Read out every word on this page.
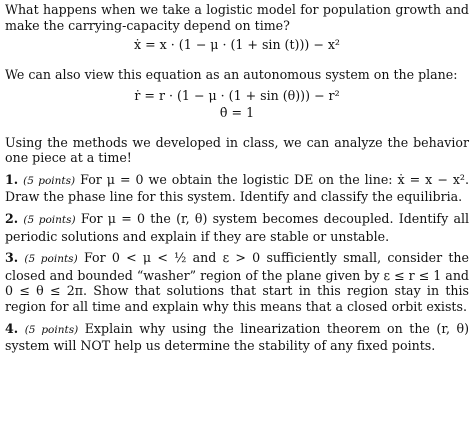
What happens when we take a logistic model for population growth and make the carrying-capacity depend on time?

ẋ = x · (1 − μ · (1 + sin (t))) − x²

We can also view this equation as an autonomous system on the plane:

ṙ = r · (1 − μ · (1 + sin (θ))) − r²
θ̇ = 1

Using the methods we developed in class, we can analyze the behavior one piece at a time!

1. (5 points) For μ = 0 we obtain the logistic DE on the line: ẋ = x − x². Draw the phase line for this system. Identify and classify the equilibria.

2. (5 points) For μ = 0 the (r, θ) system becomes decoupled. Identify all periodic solutions and explain if they are stable or unstable.

3. (5 points) For 0 < μ < ½ and ε > 0 sufficiently small, consider the closed and bounded “washer” region of the plane given by ε ≤ r ≤ 1 and 0 ≤ θ ≤ 2π. Show that solutions that start in this region stay in this region for all time and explain why this means that a closed orbit exists.

4. (5 points) Explain why using the linearization theorem on the (r, θ) system will NOT help us determine the stability of any fixed points.
